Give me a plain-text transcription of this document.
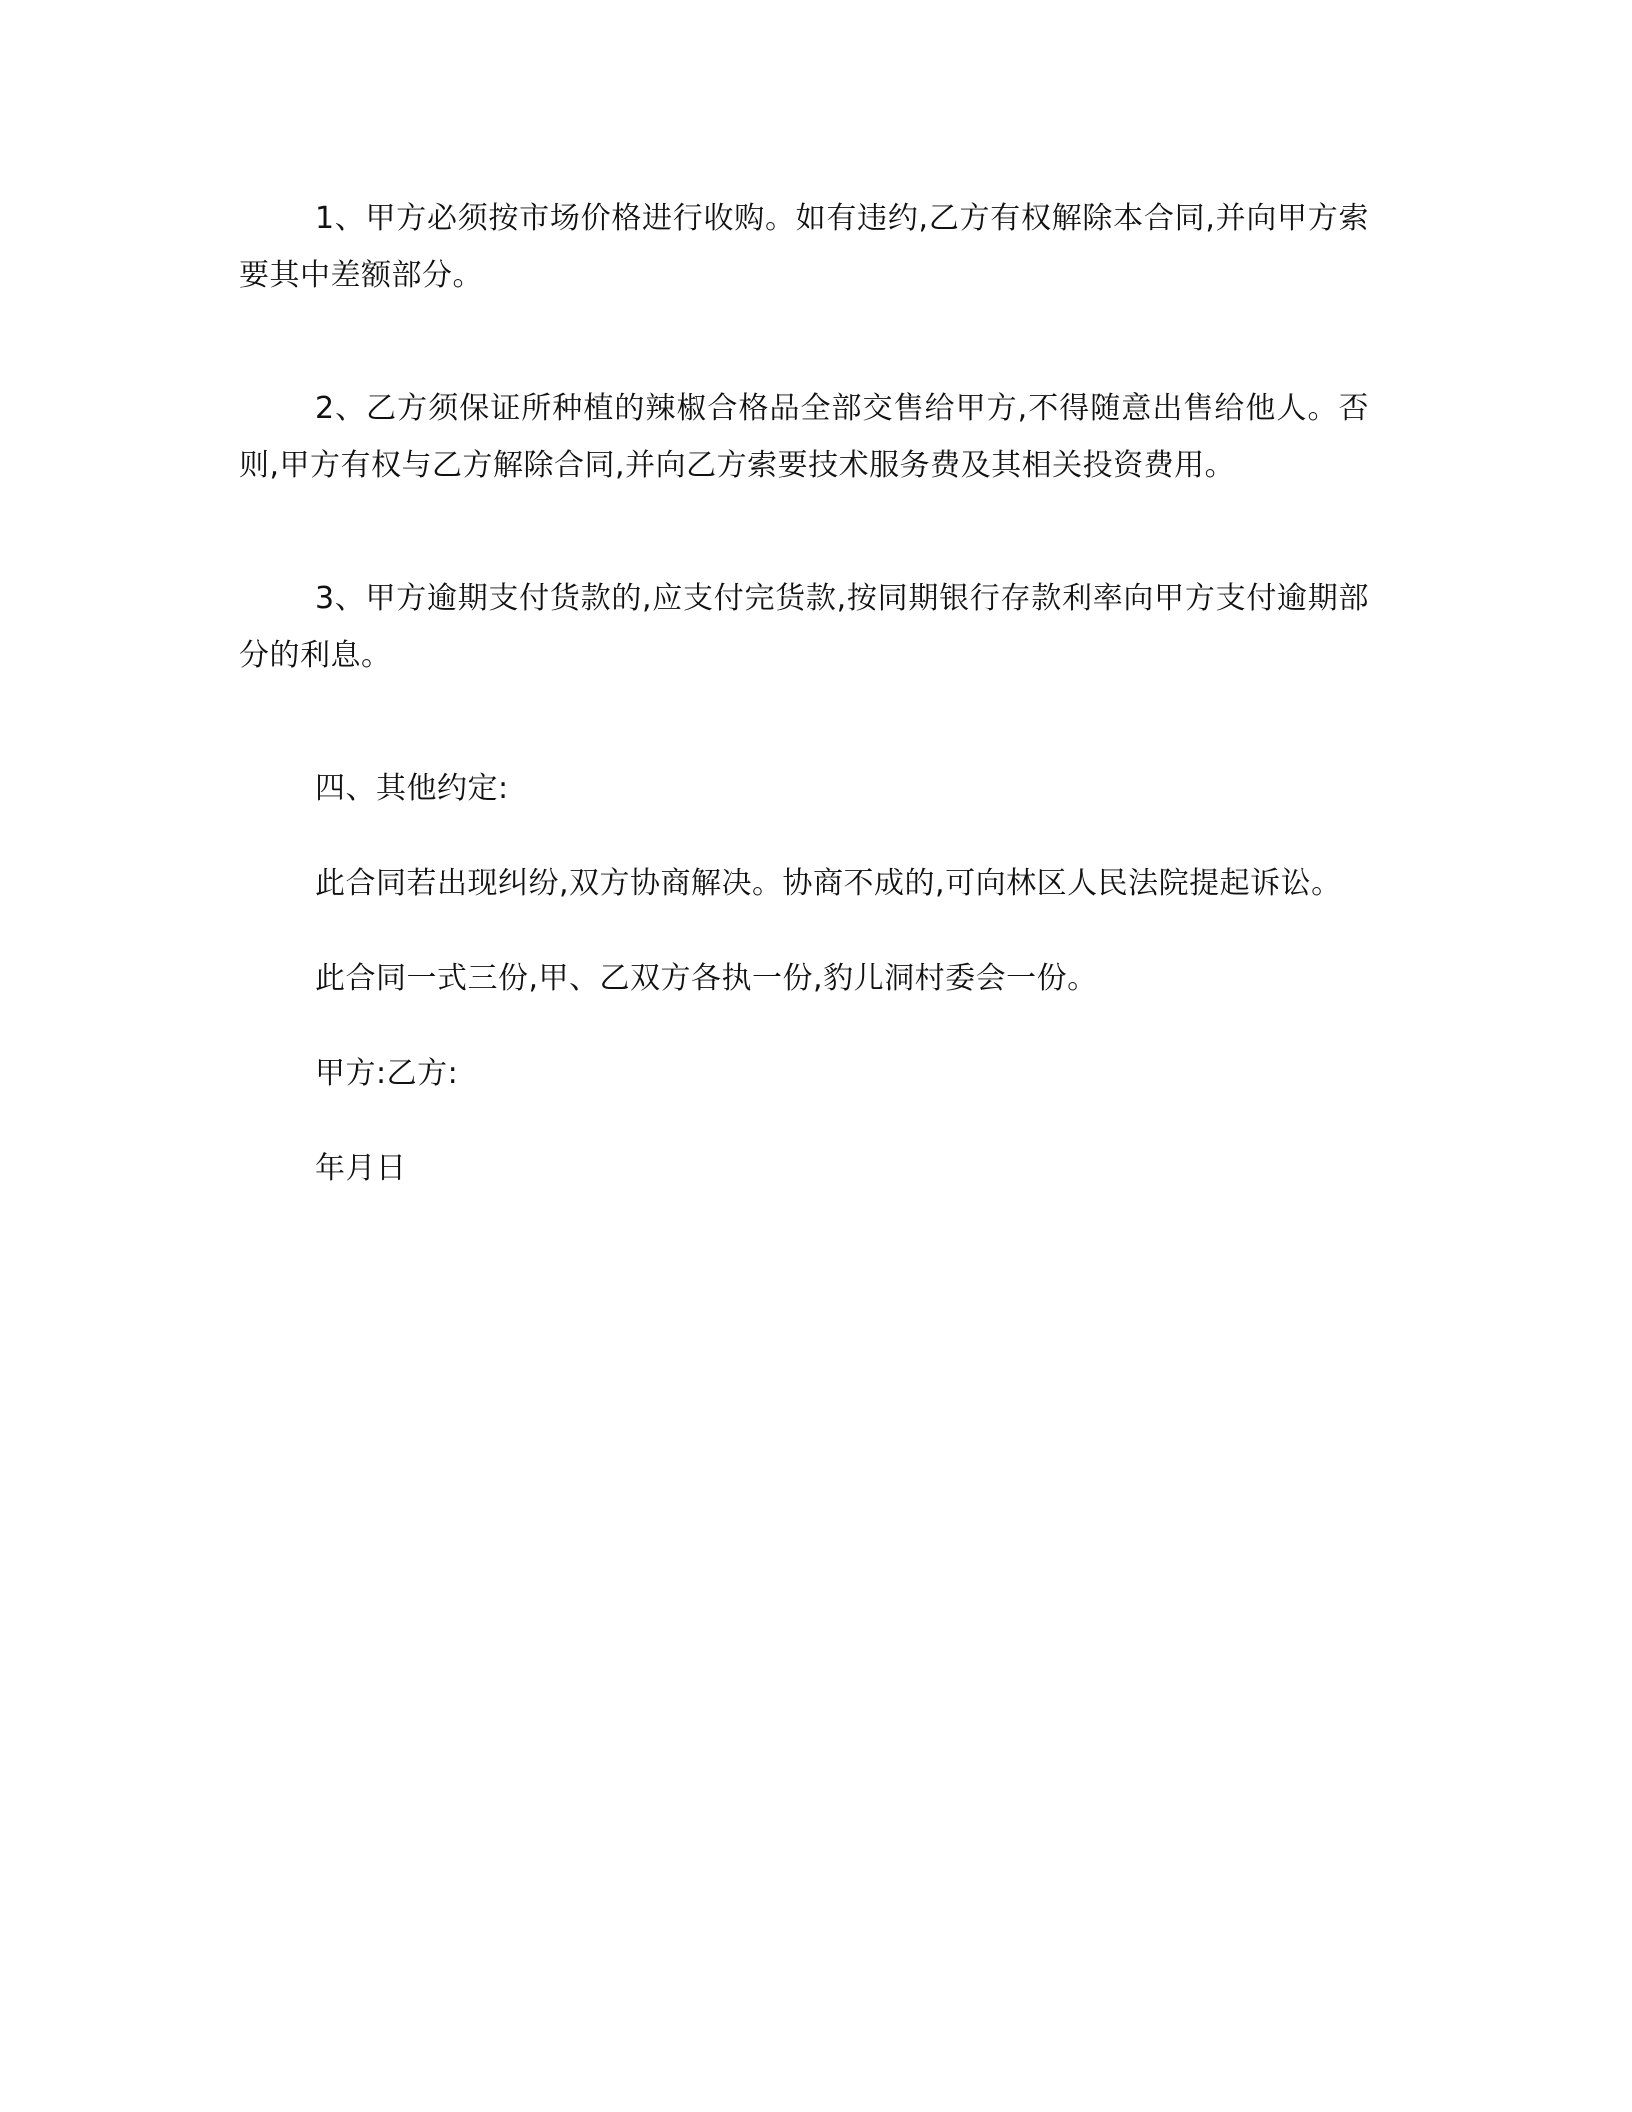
1、甲方必须按市场价格进行收购。如有违约,乙方有权解除本合同,并向甲方索要其中差额部分。

2、乙方须保证所种植的辣椒合格品全部交售给甲方,不得随意出售给他人。否则,甲方有权与乙方解除合同,并向乙方索要技术服务费及其相关投资费用。

3、甲方逾期支付货款的,应支付完货款,按同期银行存款利率向甲方支付逾期部分的利息。

四、其他约定:

此合同若出现纠纷,双方协商解决。协商不成的,可向林区人民法院提起诉讼。

此合同一式三份,甲、乙双方各执一份,豹儿洞村委会一份。

甲方:乙方:

年月日
